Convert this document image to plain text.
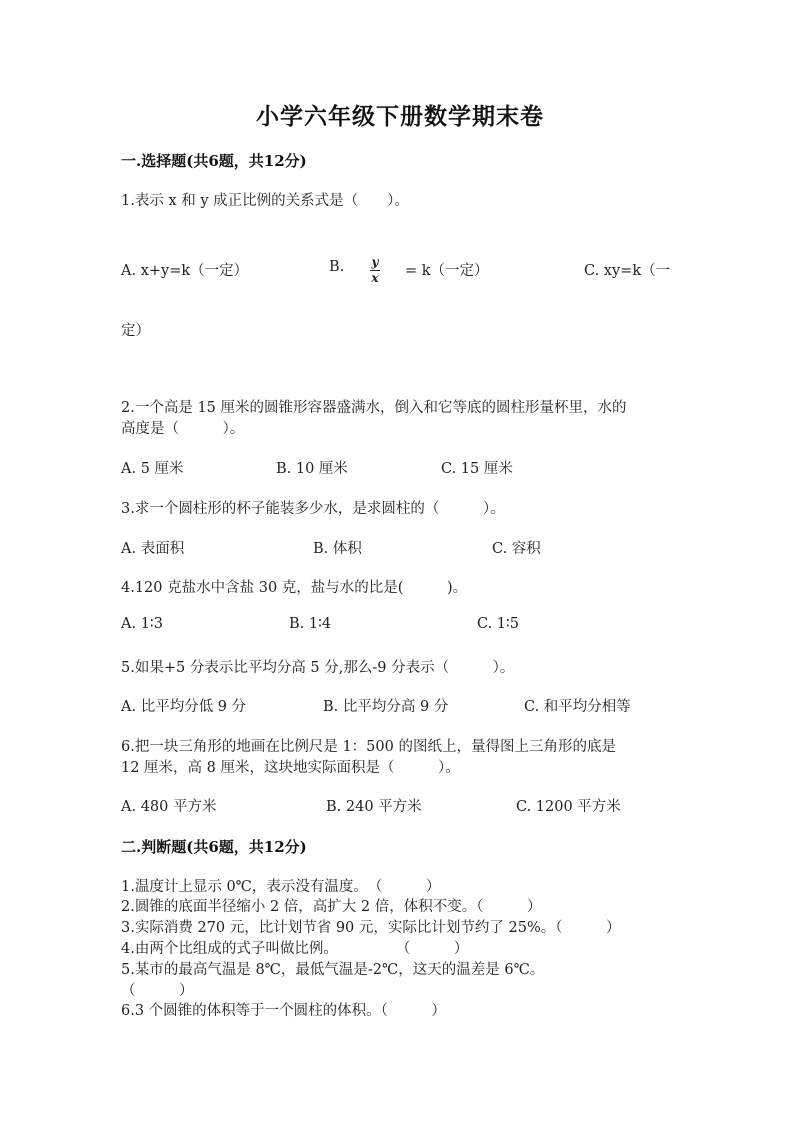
小学六年级下册数学期末卷
一.选择题(共6题，共12分)
1.表示 x 和 y 成正比例的关系式是（　　）。
A. x+y=k（一定）	B. y
x = k（一定）	C. xy=k（一
定）
2.一个高是 15 厘米的圆锥形容器盛满水，倒入和它等底的圆柱形量杯里，水的
高度是（　　　）。
A. 5 厘米	B. 10 厘米	C. 15 厘米
3.求一个圆柱形的杯子能装多少水，是求圆柱的（　　　）。
A. 表面积	B. 体积	C. 容积
4.120 克盐水中含盐 30 克，盐与水的比是(　　　)。
A. 1∶3	B. 1∶4	C. 1∶5
5.如果+5 分表示比平均分高 5 分,那么-9 分表示（　　　）。
A. 比平均分低 9 分	B. 比平均分高 9 分	C. 和平均分相等
6.把一块三角形的地画在比例尺是 1：500 的图纸上，量得图上三角形的底是
12 厘米，高 8 厘米，这块地实际面积是（　　　）。
A. 480 平方米	B. 240 平方米	C. 1200 平方米
二.判断题(共6题，共12分)
1.温度计上显示 0℃，表示没有温度。　（　　　）
2.圆锥的底面半径缩小 2 倍，高扩大 2 倍，体积不变。（　　　）
3.实际消费 270 元，比计划节省 90 元，实际比计划节约了 25%。（　　　）
4.由两个比组成的式子叫做比例。　　　　　（　　　）
5.某市的最高气温是 8℃，最低气温是-2℃，这天的温差是 6℃。
（　　　）
6.3 个圆锥的体积等于一个圆柱的体积。（　　　）
